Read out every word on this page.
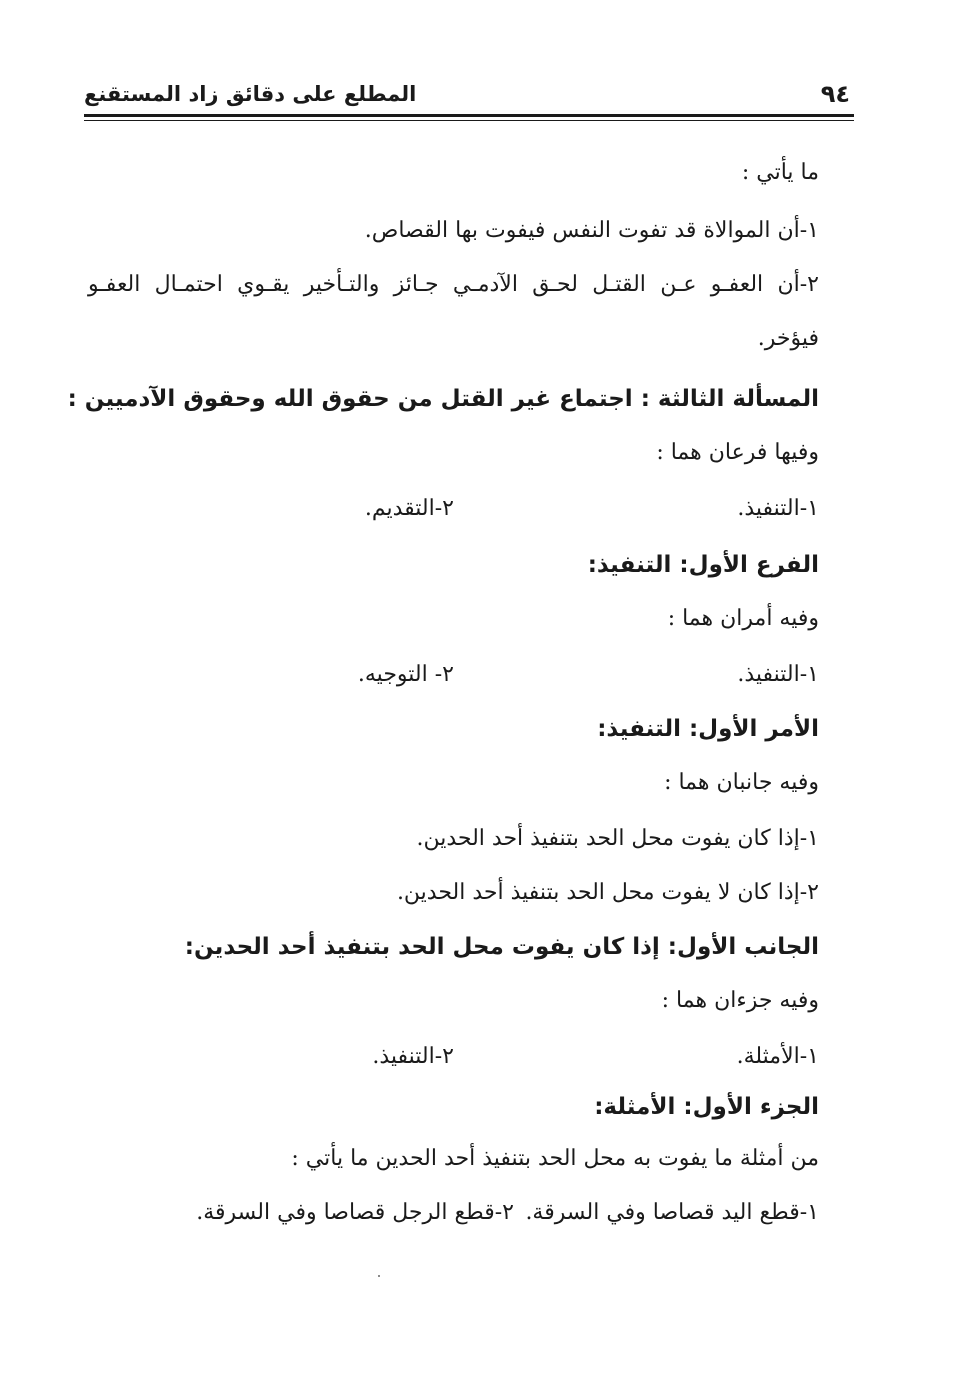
المطلع على دقائق زاد المستقنع	٩٤
ما يأتي :
١-أن الموالاة قد تفوت النفس فيفوت بها القصاص.
٢-أن العفـو عـن القتـل لحـق الآدمـي جـائز والتـأخير يقـوي احتمـال العفـو
فيؤخر.
المسألة الثالثة : اجتماع غير القتل من حقوق الله وحقوق الآدميين :
وفيها فرعان هما :
١-التنفيذ.
٢-التقديم.
الفرع الأول: التنفيذ:
وفيه أمران هما :
١-التنفيذ.
٢- التوجيه.
الأمر الأول: التنفيذ:
وفيه جانبان هما :
١-إذا كان يفوت محل الحد بتنفيذ أحد الحدين.
٢-إذا كان لا يفوت محل الحد بتنفيذ أحد الحدين.
الجانب الأول: إذا كان يفوت محل الحد بتنفيذ أحد الحدين:
وفيه جزءان هما :
١-الأمثلة.
٢-التنفيذ.
الجزء الأول: الأمثلة:
من أمثلة ما يفوت به محل الحد بتنفيذ أحد الحدين ما يأتي :
١-قطع اليد قصاصا وفي السرقة.
٢-قطع الرجل قصاصا وفي السرقة.
